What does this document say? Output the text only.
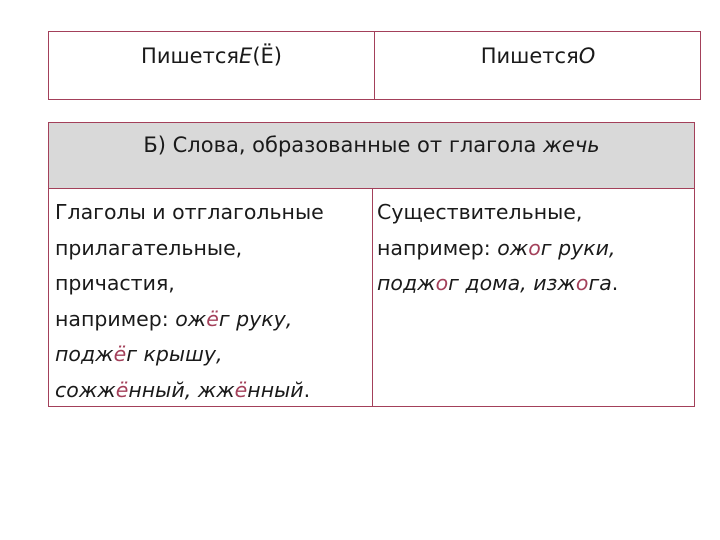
Пишется Е (Ё)	Пишется О
Б) Слова, образованные от глагола жечь
Глаголы и отглагольные
прилагательные,
причастия,
например: ожёг руку,
поджёг крышу,
сожжённый, жжённый.
Существительные,
например: ожог руки,
поджог дома, изжога.
